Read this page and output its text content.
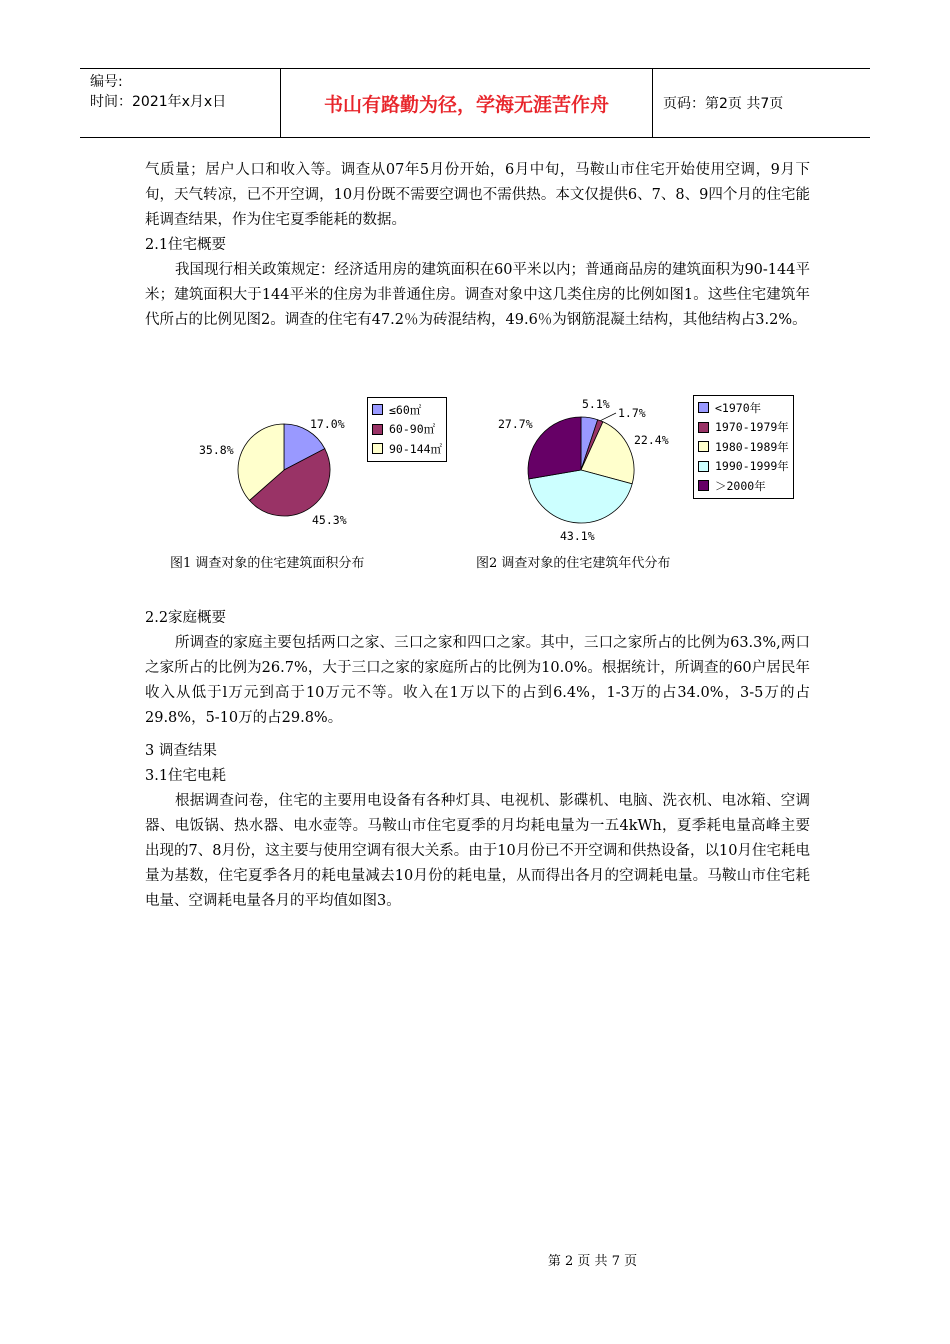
编号:
时间：2021年x月x日	书山有路勤为径，学海无涯苦作舟	页码：第2页 共7页

气质量；居户人口和收入等。调查从07年5月份开始，6月中旬，马鞍山市住宅开始使用空调，9月下旬，天气转凉，已不开空调，10月份既不需要空调也不需供热。本文仅提供6、7、8、9四个月的住宅能耗调查结果，作为住宅夏季能耗的数据。

2.1住宅概要

我国现行相关政策规定：经济适用房的建筑面积在60平米以内；普通商品房的建筑面积为90-144平米；建筑面积大于144平米的住房为非普通住房。调查对象中这几类住房的比例如图1。这些住宅建筑年代所占的比例见图2。调查的住宅有47.2％为砖混结构，49.6％为钢筋混凝土结构，其他结构占3.2%。

17.0%
45.3%
35.8%
≤60㎡
60-90㎡
90-144㎡
图1 调查对象的住宅建筑面积分布
5.1%
1.7%
22.4%
43.1%
27.7%
<1970年
1970-1979年
1980-1989年
1990-1999年
＞2000年
图2 调查对象的住宅建筑年代分布

2.2家庭概要

所调查的家庭主要包括两口之家、三口之家和四口之家。其中，三口之家所占的比例为63.3%,两口之家所占的比例为26.7%，大于三口之家的家庭所占的比例为10.0%。根据统计，所调查的60户居民年收入从低于l万元到高于10万元不等。收入在1万以下的占到6.4%，1-3万的占34.0%，3-5万的占29.8%，5-10万的占29.8%。

3 调查结果

3.1住宅电耗

根据调查问卷，住宅的主要用电设备有各种灯具、电视机、影碟机、电脑、洗衣机、电冰箱、空调器、电饭锅、热水器、电水壶等。马鞍山市住宅夏季的月均耗电量为一五4kWh，夏季耗电量高峰主要出现的7、8月份，这主要与使用空调有很大关系。由于10月份已不开空调和供热设备，以10月住宅耗电量为基数，住宅夏季各月的耗电量减去10月份的耗电量，从而得出各月的空调耗电量。马鞍山市住宅耗电量、空调耗电量各月的平均值如图3。

第 2 页 共 7 页
